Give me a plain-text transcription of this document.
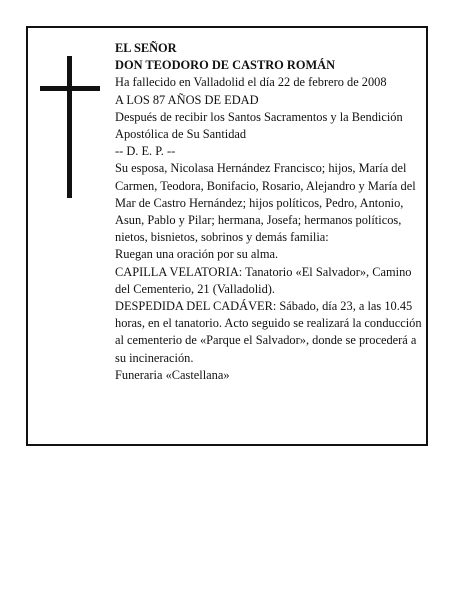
EL SEÑOR

DON TEODORO DE CASTRO ROMÁN

Ha fallecido en Valladolid el día 22 de febrero de 2008

A LOS 87 AÑOS DE EDAD

Después de recibir los Santos Sacramentos y la Bendición Apostólica de Su Santidad

-- D. E. P. --

Su esposa, Nicolasa Hernández Francisco; hijos, María del Carmen, Teodora, Bonifacio, Rosario, Alejandro y María del Mar de Castro Hernández; hijos políticos, Pedro, Antonio, Asun, Pablo y Pilar; hermana, Josefa; hermanos políticos, nietos, bisnietos, sobrinos y demás familia:

Ruegan una oración por su alma.

CAPILLA VELATORIA: Tanatorio «El Salvador», Camino del Cementerio, 21 (Valladolid).

DESPEDIDA DEL CADÁVER: Sábado, día 23, a las 10.45 horas, en el tanatorio. Acto seguido se realizará la conducción al cementerio de «Parque el Salvador», donde se procederá a su incineración.

Funeraria «Castellana»
